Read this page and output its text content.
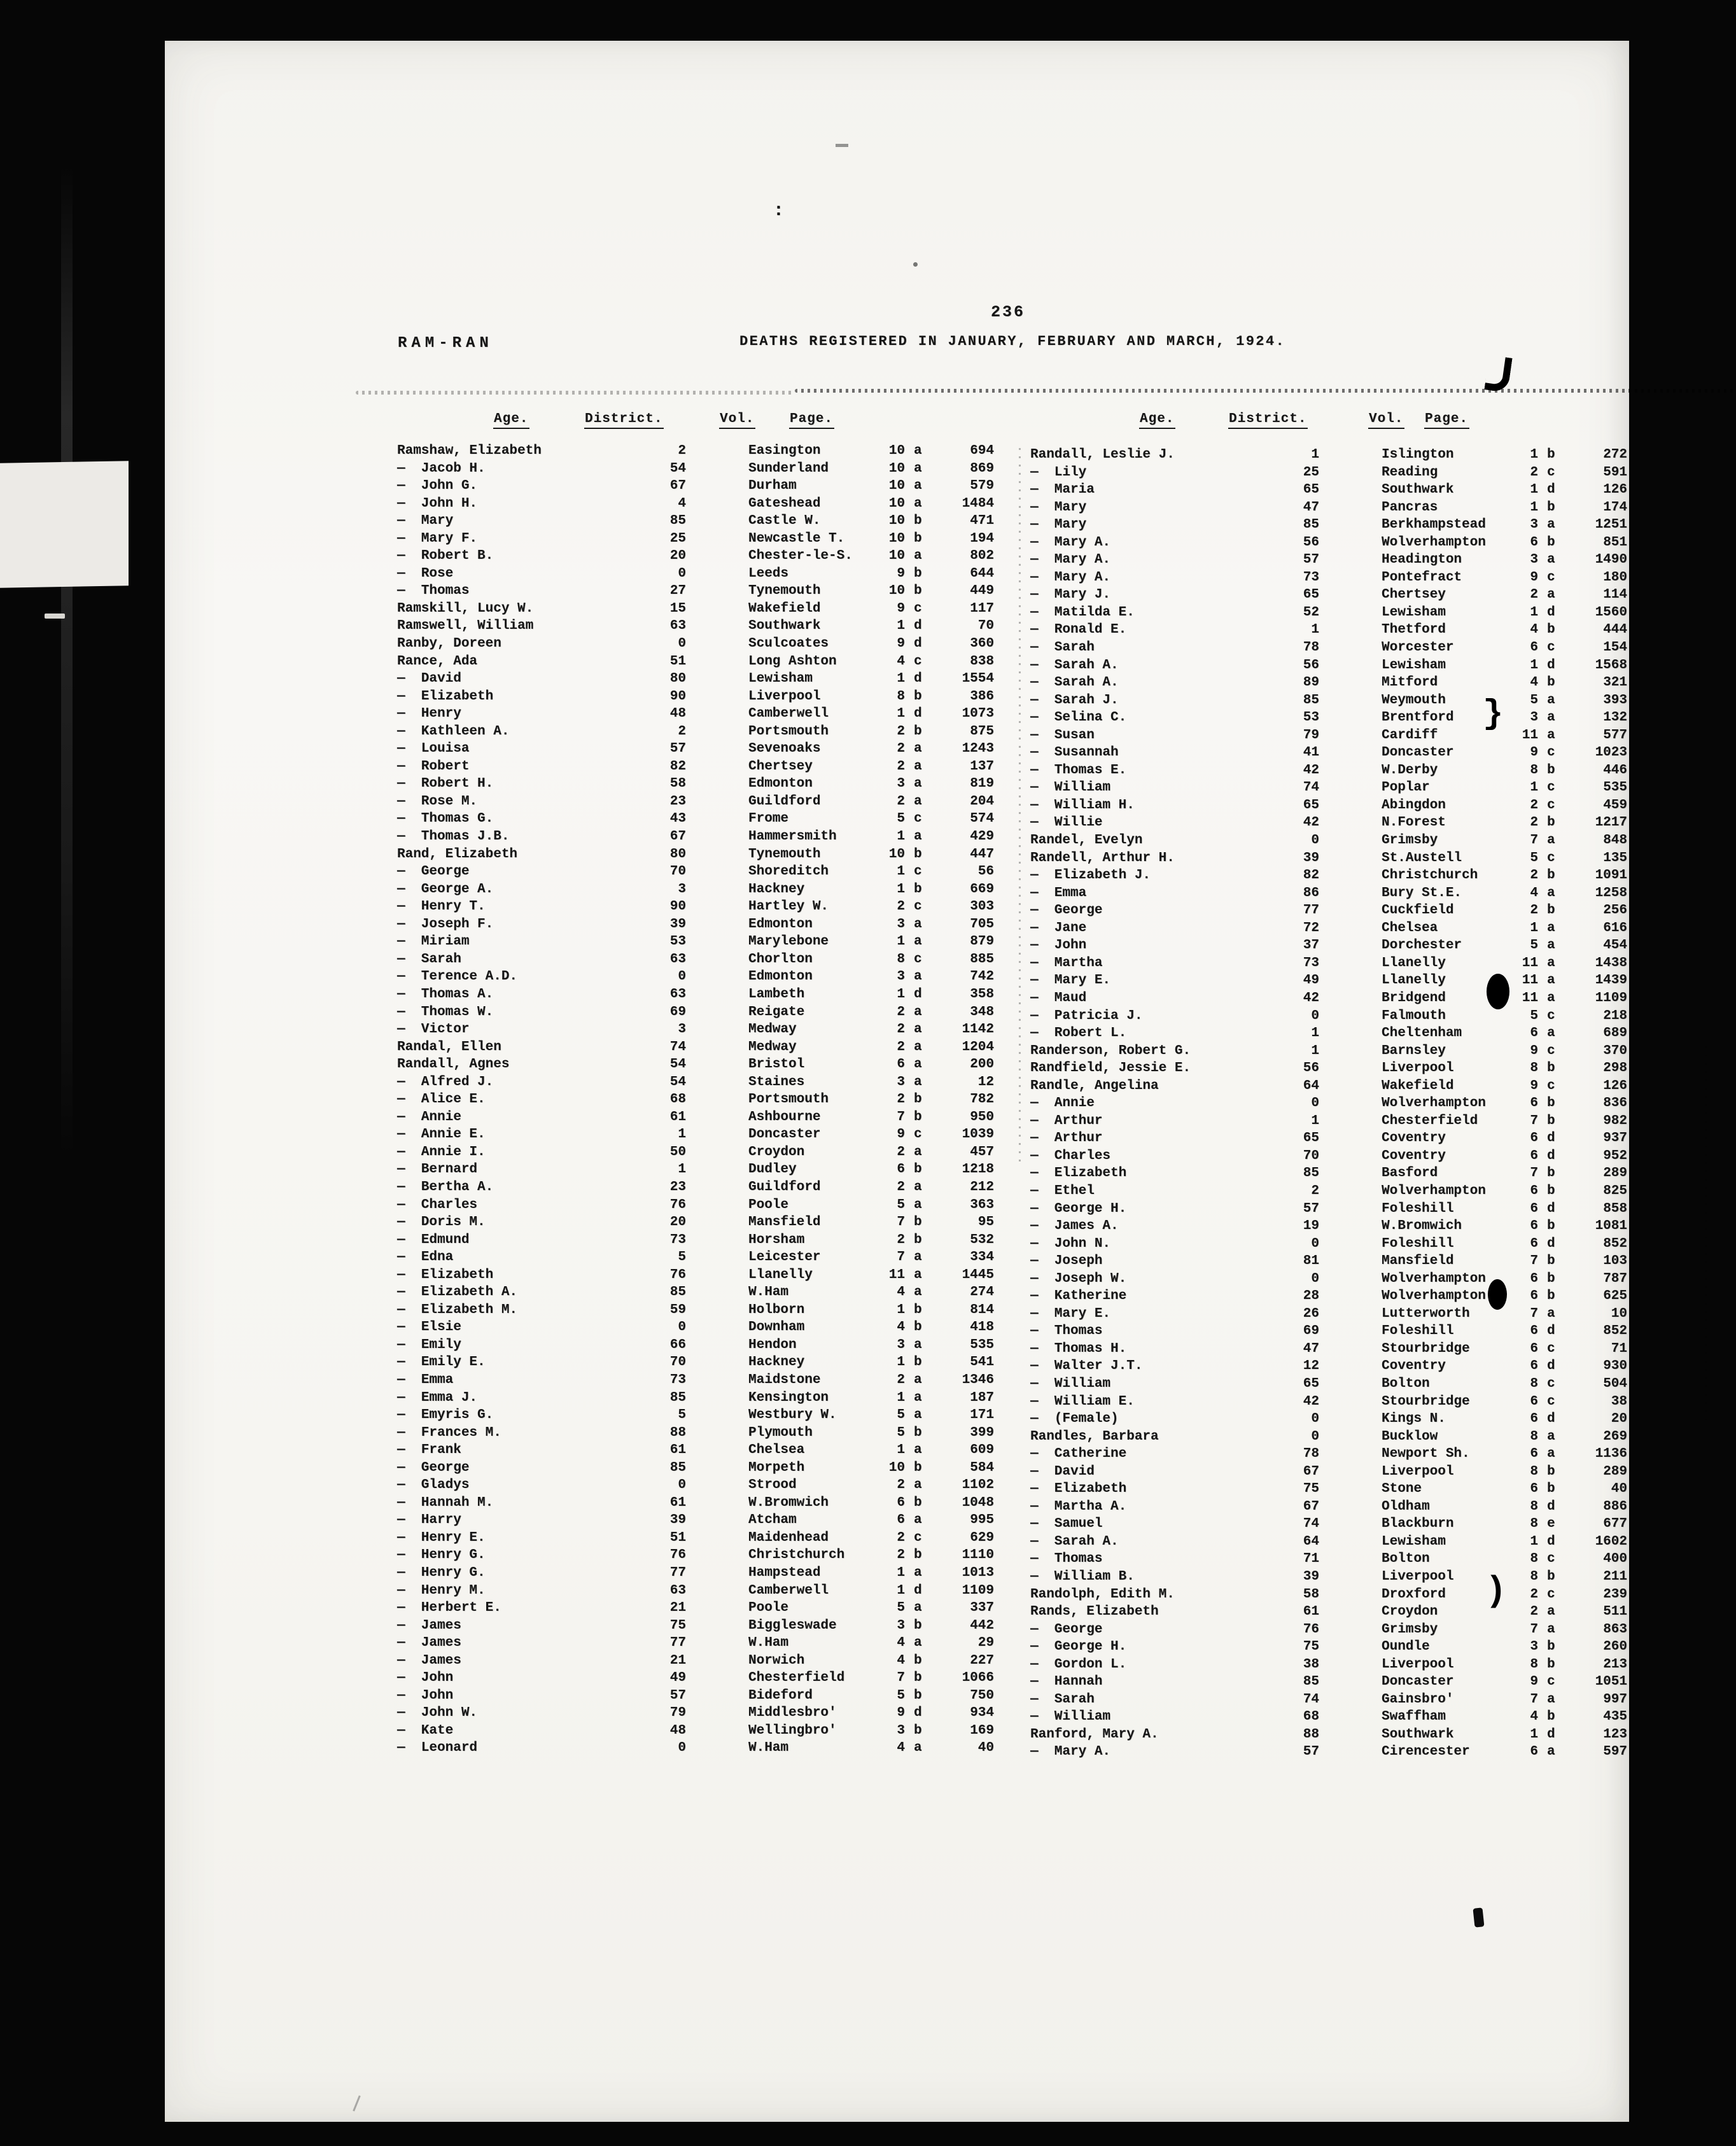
:
236
RAM-RAN	DEATHS REGISTERED IN JANUARY, FEBRUARY AND MARCH, 1924.
Age.	District.	Vol.	Page.	Age.	District.	Vol. Page.
Ramshaw, Elizabeth	2	Easington	10 a	694
—  Jacob H.	54	Sunderland	10 a	869
—  John G.	67	Durham	10 a	579
—  John H.	4	Gateshead	10 a	1484
—  Mary	85	Castle W.	10 b	471
—  Mary F.	25	Newcastle T.	10 b	194
—  Robert B.	20	Chester-le-S.	10 a	802
—  Rose	0	Leeds	9 b	644
—  Thomas	27	Tynemouth	10 b	449
Ramskill, Lucy W.	15	Wakefield	9 c	117
Ramswell, William	63	Southwark	1 d	70
Ranby, Doreen	0	Sculcoates	9 d	360
Rance, Ada	51	Long Ashton	4 c	838
—  David	80	Lewisham	1 d	1554
—  Elizabeth	90	Liverpool	8 b	386
—  Henry	48	Camberwell	1 d	1073
—  Kathleen A.	2	Portsmouth	2 b	875
—  Louisa	57	Sevenoaks	2 a	1243
—  Robert	82	Chertsey	2 a	137
—  Robert H.	58	Edmonton	3 a	819
—  Rose M.	23	Guildford	2 a	204
—  Thomas G.	43	Frome	5 c	574
—  Thomas J.B.	67	Hammersmith	1 a	429
Rand, Elizabeth	80	Tynemouth	10 b	447
—  George	70	Shoreditch	1 c	56
—  George A.	3	Hackney	1 b	669
—  Henry T.	90	Hartley W.	2 c	303
—  Joseph F.	39	Edmonton	3 a	705
—  Miriam	53	Marylebone	1 a	879
—  Sarah	63	Chorlton	8 c	885
—  Terence A.D.	0	Edmonton	3 a	742
—  Thomas A.	63	Lambeth	1 d	358
—  Thomas W.	69	Reigate	2 a	348
—  Victor	3	Medway	2 a	1142
Randal, Ellen	74	Medway	2 a	1204
Randall, Agnes	54	Bristol	6 a	200
—  Alfred J.	54	Staines	3 a	12
—  Alice E.	68	Portsmouth	2 b	782
—  Annie	61	Ashbourne	7 b	950
—  Annie E.	1	Doncaster	9 c	1039
—  Annie I.	50	Croydon	2 a	457
—  Bernard	1	Dudley	6 b	1218
—  Bertha A.	23	Guildford	2 a	212
—  Charles	76	Poole	5 a	363
—  Doris M.	20	Mansfield	7 b	95
—  Edmund	73	Horsham	2 b	532
—  Edna	5	Leicester	7 a	334
—  Elizabeth	76	Llanelly	11 a	1445
—  Elizabeth A.	85	W.Ham	4 a	274
—  Elizabeth M.	59	Holborn	1 b	814
—  Elsie	0	Downham	4 b	418
—  Emily	66	Hendon	3 a	535
—  Emily E.	70	Hackney	1 b	541
—  Emma	73	Maidstone	2 a	1346
—  Emma J.	85	Kensington	1 a	187
—  Emyris G.	5	Westbury W.	5 a	171
—  Frances M.	88	Plymouth	5 b	399
—  Frank	61	Chelsea	1 a	609
—  George	85	Morpeth	10 b	584
—  Gladys	0	Strood	2 a	1102
—  Hannah M.	61	W.Bromwich	6 b	1048
—  Harry	39	Atcham	6 a	995
—  Henry E.	51	Maidenhead	2 c	629
—  Henry G.	76	Christchurch	2 b	1110
—  Henry G.	77	Hampstead	1 a	1013
—  Henry M.	63	Camberwell	1 d	1109
—  Herbert E.	21	Poole	5 a	337
—  James	75	Biggleswade	3 b	442
—  James	77	W.Ham	4 a	29
—  James	21	Norwich	4 b	227
—  John	49	Chesterfield	7 b	1066
—  John	57	Bideford	5 b	750
—  John W.	79	Middlesbro'	9 d	934
—  Kate	48	Wellingbro'	3 b	169
—  Leonard	0	W.Ham	4 a	40
Randall, Leslie J.	1	Islington	1 b	272
—  Lily	25	Reading	2 c	591
—  Maria	65	Southwark	1 d	126
—  Mary	47	Pancras	1 b	174
—  Mary	85	Berkhampstead	3 a	1251
—  Mary A.	56	Wolverhampton	6 b	851
—  Mary A.	57	Headington	3 a	1490
—  Mary A.	73	Pontefract	9 c	180
—  Mary J.	65	Chertsey	2 a	114
—  Matilda E.	52	Lewisham	1 d	1560
—  Ronald E.	1	Thetford	4 b	444
—  Sarah	78	Worcester	6 c	154
—  Sarah A.	56	Lewisham	1 d	1568
—  Sarah A.	89	Mitford	4 b	321
—  Sarah J.	85	Weymouth	5 a	393
—  Selina C.	53	Brentford	3 a	132
—  Susan	79	Cardiff	11 a	577
—  Susannah	41	Doncaster	9 c	1023
—  Thomas E.	42	W.Derby	8 b	446
—  William	74	Poplar	1 c	535
—  William H.	65	Abingdon	2 c	459
—  Willie	42	N.Forest	2 b	1217
Randel, Evelyn	0	Grimsby	7 a	848
Randell, Arthur H.	39	St.Austell	5 c	135
—  Elizabeth J.	82	Christchurch	2 b	1091
—  Emma	86	Bury St.E.	4 a	1258
—  George	77	Cuckfield	2 b	256
—  Jane	72	Chelsea	1 a	616
—  John	37	Dorchester	5 a	454
—  Martha	73	Llanelly	11 a	1438
—  Mary E.	49	Llanelly	11 a	1439
—  Maud	42	Bridgend	11 a	1109
—  Patricia J.	0	Falmouth	5 c	218
—  Robert L.	1	Cheltenham	6 a	689
Randerson, Robert G.	1	Barnsley	9 c	370
Randfield, Jessie E.	56	Liverpool	8 b	298
Randle, Angelina	64	Wakefield	9 c	126
—  Annie	0	Wolverhampton	6 b	836
—  Arthur	1	Chesterfield	7 b	982
—  Arthur	65	Coventry	6 d	937
—  Charles	70	Coventry	6 d	952
—  Elizabeth	85	Basford	7 b	289
—  Ethel	2	Wolverhampton	6 b	825
—  George H.	57	Foleshill	6 d	858
—  James A.	19	W.Bromwich	6 b	1081
—  John N.	0	Foleshill	6 d	852
—  Joseph	81	Mansfield	7 b	103
—  Joseph W.	0	Wolverhampton	6 b	787
—  Katherine	28	Wolverhampton	6 b	625
—  Mary E.	26	Lutterworth	7 a	10
—  Thomas	69	Foleshill	6 d	852
—  Thomas H.	47	Stourbridge	6 c	71
—  Walter J.T.	12	Coventry	6 d	930
—  William	65	Bolton	8 c	504
—  William E.	42	Stourbridge	6 c	38
—  (Female)	0	Kings N.	6 d	20
Randles, Barbara	0	Bucklow	8 a	269
—  Catherine	78	Newport Sh.	6 a	1136
—  David	67	Liverpool	8 b	289
—  Elizabeth	75	Stone	6 b	40
—  Martha A.	67	Oldham	8 d	886
—  Samuel	74	Blackburn	8 e	677
—  Sarah A.	64	Lewisham	1 d	1602
—  Thomas	71	Bolton	8 c	400
—  William B.	39	Liverpool	8 b	211
Randolph, Edith M.	58	Droxford	2 c	239
Rands, Elizabeth	61	Croydon	2 a	511
—  George	76	Grimsby	7 a	863
—  George H.	75	Oundle	3 b	260
—  Gordon L.	38	Liverpool	8 b	213
—  Hannah	85	Doncaster	9 c	1051
—  Sarah	74	Gainsbro'	7 a	997
—  William	68	Swaffham	4 b	435
Ranford, Mary A.	88	Southwark	1 d	123
—  Mary A.	57	Cirencester	6 a	597
}
)
